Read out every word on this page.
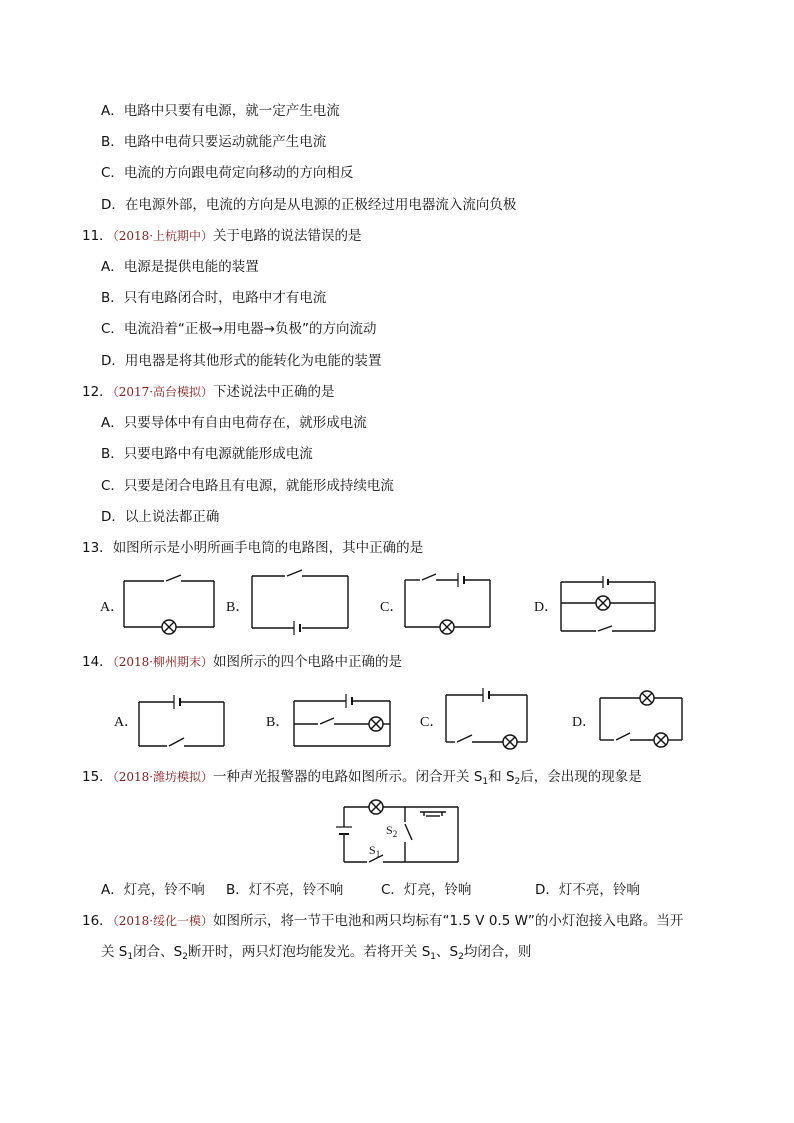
A．电路中只要有电源，就一定产生电流
B．电路中电荷只要运动就能产生电流
C．电流的方向跟电荷定向移动的方向相反
D．在电源外部，电流的方向是从电源的正极经过用电器流入流向负极
11．（2018·上杭期中）关于电路的说法错误的是
A．电源是提供电能的装置
B．只有电路闭合时，电路中才有电流
C．电流沿着“正极→用电器→负极”的方向流动
D．用电器是将其他形式的能转化为电能的装置
12．（2017·高台模拟）下述说法中正确的是
A．只要导体中有自由电荷存在，就形成电流
B．只要电路中有电源就能形成电流
C．只要是闭合电路且有电源，就能形成持续电流
D．以上说法都正确
13．如图所示是小明所画手电筒的电路图，其中正确的是
A．	B．	C．	D．
14．（2018·柳州期末）如图所示的四个电路中正确的是
A．	B．	C．	D．
15．（2018·潍坊模拟）一种声光报警器的电路如图所示。闭合开关 $S_1$和 $S_2$后，会出现的现象是
$S_2$
$S_1$
A．灯亮，铃不响 B．灯不亮，铃不响	C．灯亮，铃响	D．灯不亮，铃响
16．（2018·绥化一模）如图所示，将一节干电池和两只均标有“1.5 V 0.5 W”的小灯泡接入电路。当开
关 $S_1$闭合、$S_2$断开时，两只灯泡均能发光。若将开关 $S_1$、$S_2$均闭合，则
